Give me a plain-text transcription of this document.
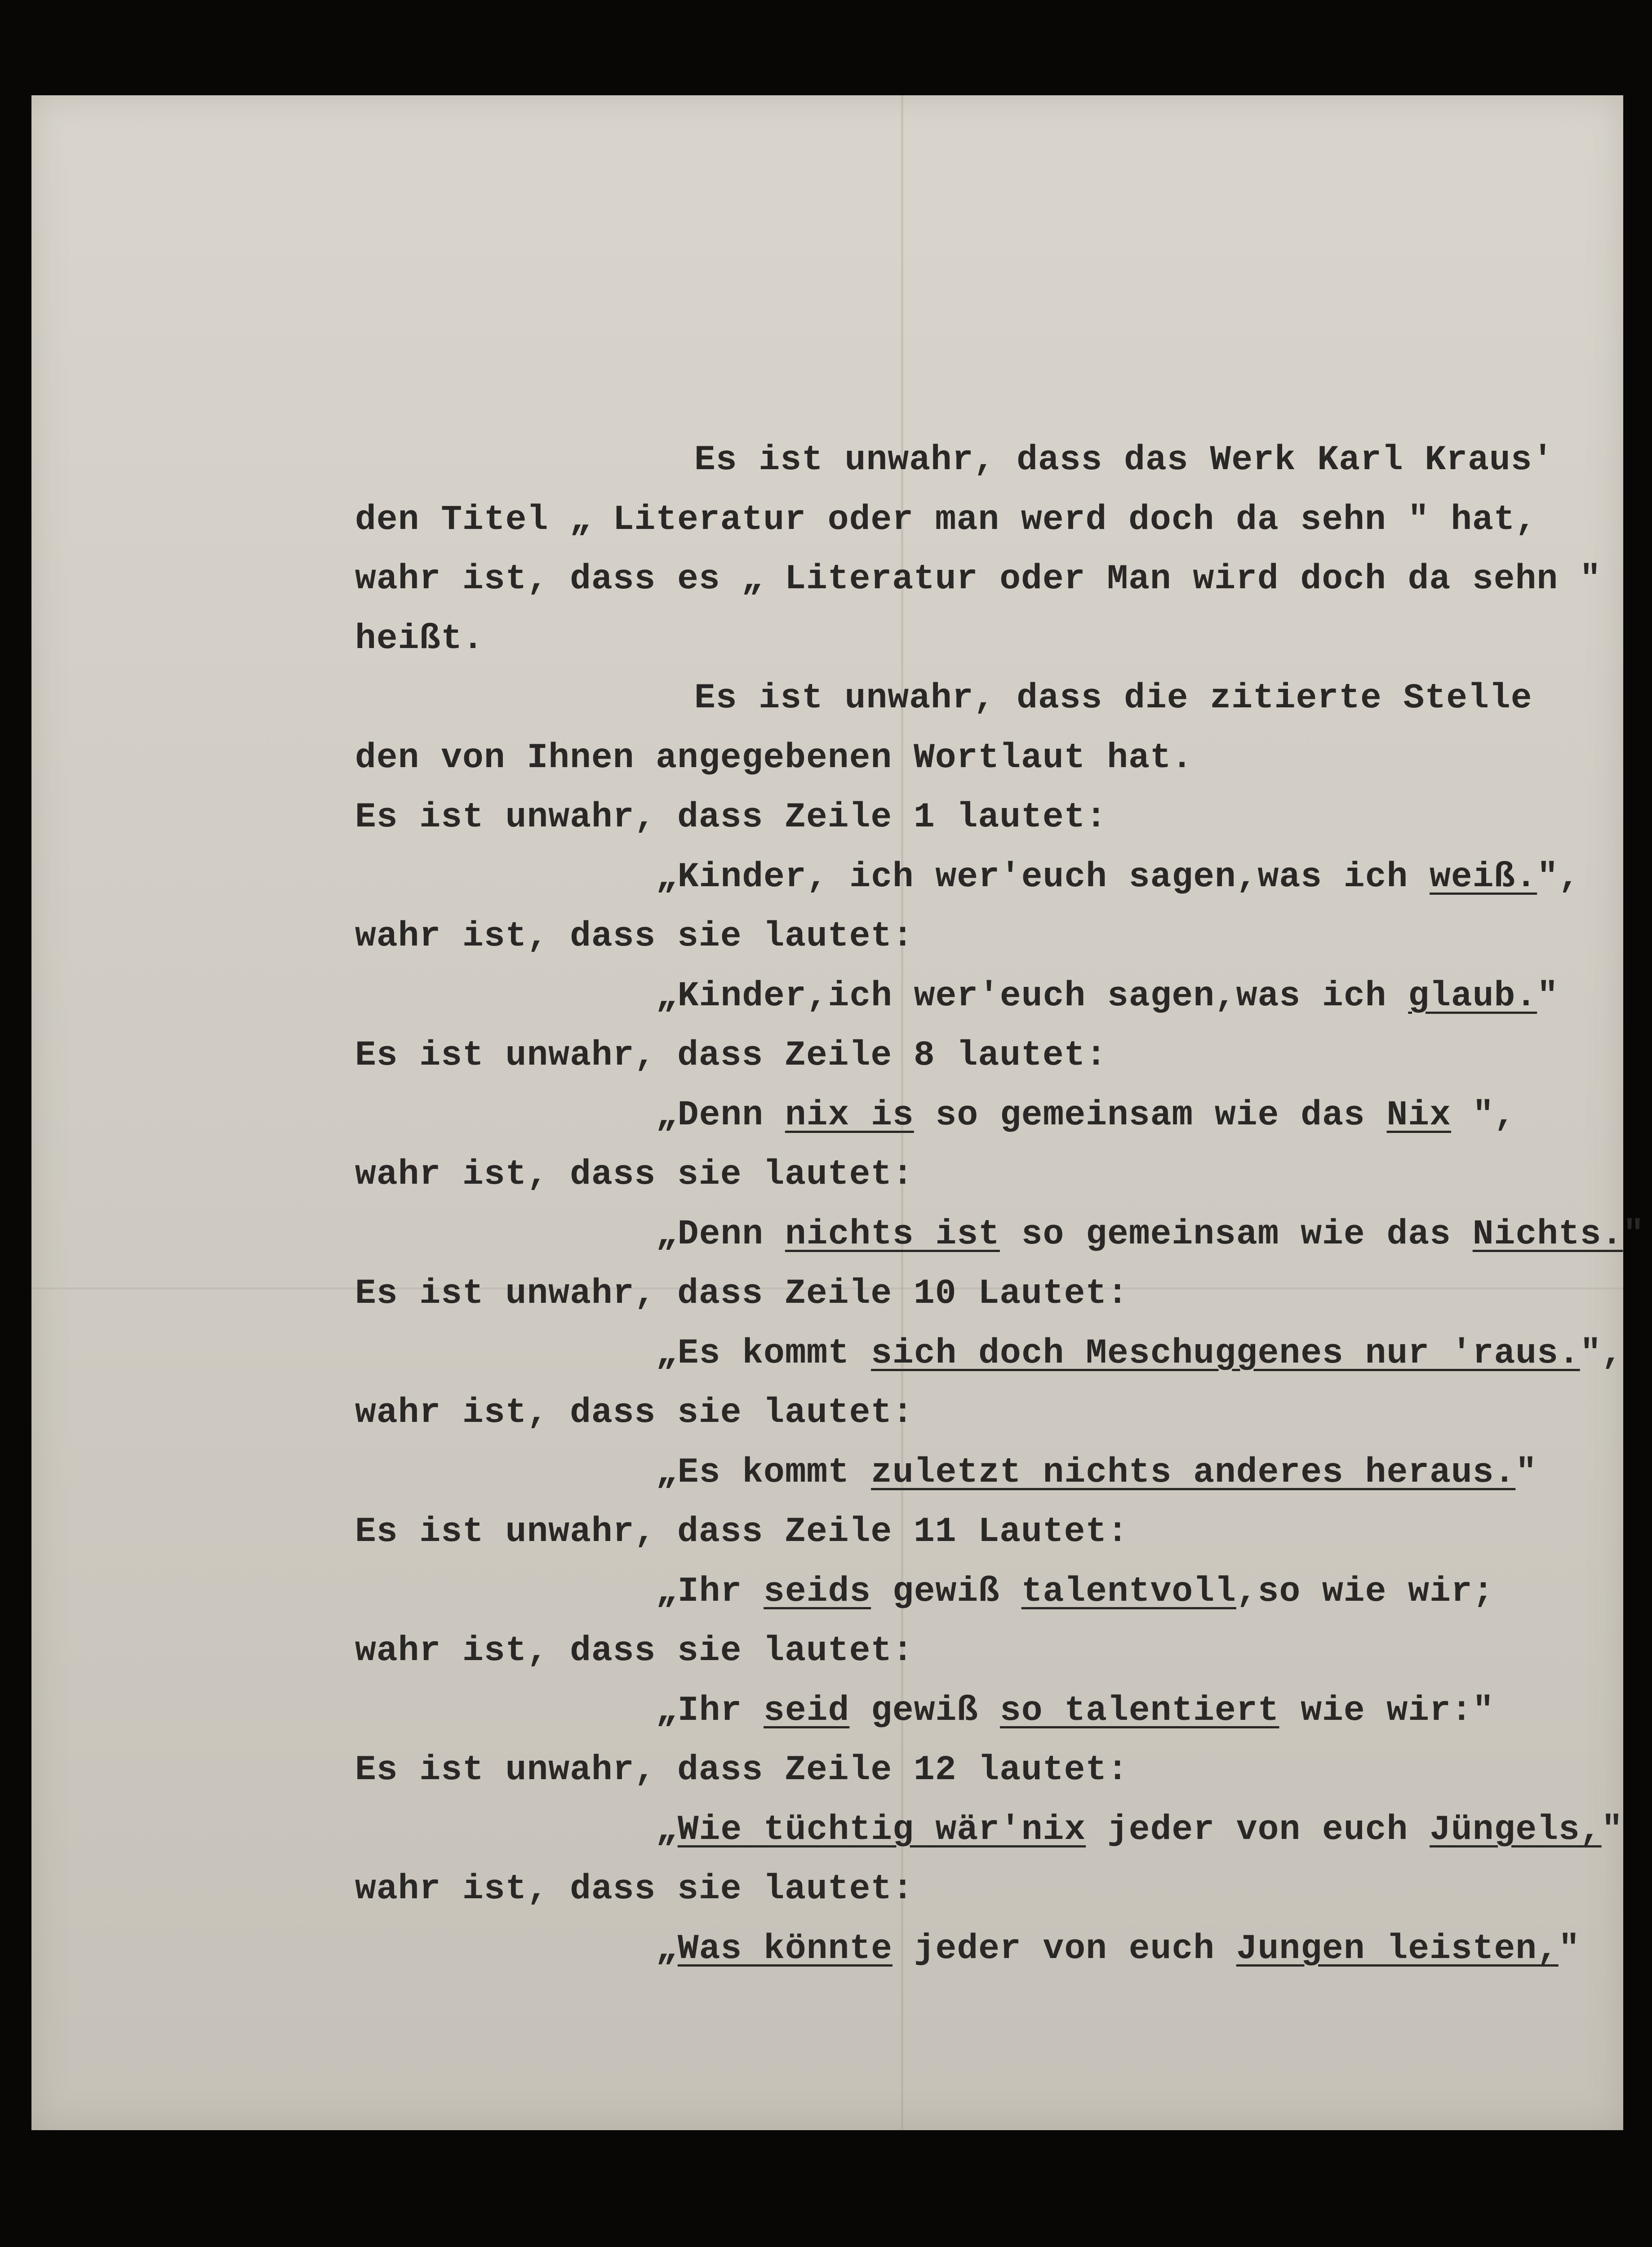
Es ist unwahr, dass das Werk Karl Kraus'
den Titel „ Literatur oder man werd doch da sehn " hat,
wahr ist, dass es „ Literatur oder Man wird doch da sehn "
heißt.
Es ist unwahr, dass die zitierte Stelle
den von Ihnen angegebenen Wortlaut hat.
Es ist unwahr, dass Zeile 1 lautet:
„Kinder, ich wer'euch sagen,was ich weiß.",
wahr ist, dass sie lautet:
„Kinder,ich wer'euch sagen,was ich glaub."
Es ist unwahr, dass Zeile 8 lautet:
„Denn nix is so gemeinsam wie das Nix ",
wahr ist, dass sie lautet:
„Denn nichts ist so gemeinsam wie das Nichts."
Es ist unwahr, dass Zeile 10 Lautet:
„Es kommt sich doch Meschuggenes nur 'raus.",
wahr ist, dass sie lautet:
„Es kommt zuletzt nichts anderes heraus."
Es ist unwahr, dass Zeile 11 Lautet:
„Ihr seids gewiß talentvoll,so wie wir;
wahr ist, dass sie lautet:
„Ihr seid gewiß so talentiert wie wir:"
Es ist unwahr, dass Zeile 12 lautet:
„Wie tüchtig wär'nix jeder von euch Jüngels,"
wahr ist, dass sie lautet:
„Was könnte jeder von euch Jungen leisten,"
